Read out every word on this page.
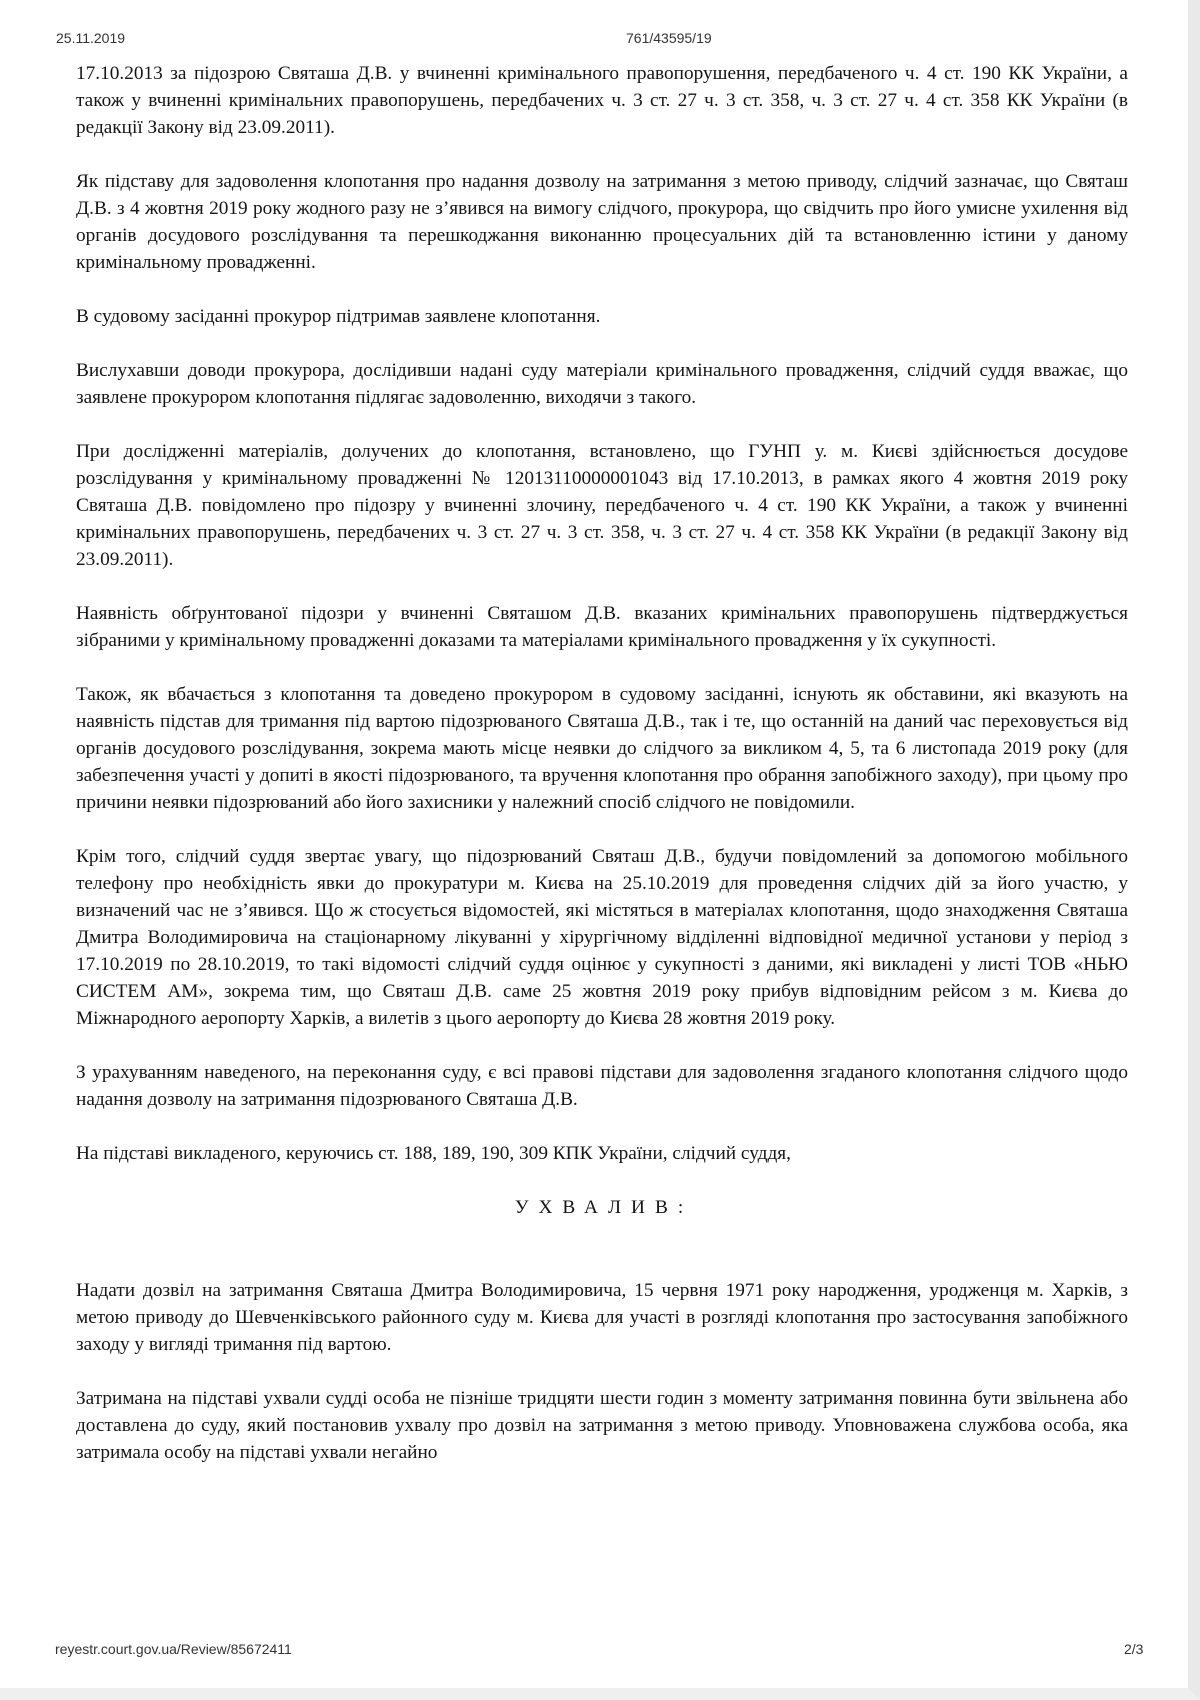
25.11.2019	761/43595/19

17.10.2013 за підозрою Святаша Д.В. у вчиненні кримінального правопорушення, передбаченого ч. 4 ст. 190 КК України, а також у вчиненні кримінальних правопорушень, передбачених ч. 3 ст. 27 ч. 3 ст. 358, ч. 3 ст. 27 ч. 4 ст. 358 КК України (в редакції Закону від 23.09.2011).

Як підставу для задоволення клопотання про надання дозволу на затримання з метою приводу, слідчий зазначає, що Святаш Д.В. з 4 жовтня 2019 року жодного разу не з’явився на вимогу слідчого, прокурора, що свідчить про його умисне ухилення від органів досудового розслідування та перешкоджання виконанню процесуальних дій та встановленню істини у даному кримінальному провадженні.

В судовому засіданні прокурор підтримав заявлене клопотання.

Вислухавши доводи прокурора, дослідивши надані суду матеріали кримінального провадження, слідчий суддя вважає, що заявлене прокурором клопотання підлягає задоволенню, виходячи з такого.

При дослідженні матеріалів, долучених до клопотання, встановлено, що ГУНП у. м. Києві здійснюється досудове розслідування у кримінальному провадженні № 12013110000001043 від 17.10.2013, в рамках якого 4 жовтня 2019 року Святаша Д.В. повідомлено про підозру у вчиненні злочину, передбаченого ч. 4 ст. 190 КК України, а також у вчиненні кримінальних правопорушень, передбачених ч. 3 ст. 27 ч. 3 ст. 358, ч. 3 ст. 27 ч. 4 ст. 358 КК України (в редакції Закону від 23.09.2011).

Наявність обґрунтованої підозри у вчиненні Святашом Д.В. вказаних кримінальних правопорушень підтверджується зібраними у кримінальному провадженні доказами та матеріалами кримінального провадження у їх сукупності.

Також, як вбачається з клопотання та доведено прокурором в судовому засіданні, існують як обставини, які вказують на наявність підстав для тримання під вартою підозрюваного Святаша Д.В., так і те, що останній на даний час переховується від органів досудового розслідування, зокрема мають місце неявки до слідчого за викликом 4, 5, та 6 листопада 2019 року (для забезпечення участі у допиті в якості підозрюваного, та вручення клопотання про обрання запобіжного заходу), при цьому про причини неявки підозрюваний або його захисники у належний спосіб слідчого не повідомили.

Крім того, слідчий суддя звертає увагу, що підозрюваний Святаш Д.В., будучи повідомлений за допомогою мобільного телефону про необхідність явки до прокуратури м. Києва на 25.10.2019 для проведення слідчих дій за його участю, у визначений час не з’явився. Що ж стосується відомостей, які містяться в матеріалах клопотання, щодо знаходження Святаша Дмитра Володимировича на стаціонарному лікуванні у хірургічному відділенні відповідної медичної установи у період з 17.10.2019 по 28.10.2019, то такі відомості слідчий суддя оцінює у сукупності з даними, які викладені у листі ТОВ «НЬЮ СИСТЕМ АМ», зокрема тим, що Святаш Д.В. саме 25 жовтня 2019 року прибув відповідним рейсом з м. Києва до Міжнародного аеропорту Харків, а вилетів з цього аеропорту до Києва 28 жовтня 2019 року.

З урахуванням наведеного, на переконання суду, є всі правові підстави для задоволення згаданого клопотання слідчого щодо надання дозволу на затримання підозрюваного Святаша Д.В.

На підставі викладеного, керуючись ст. 188, 189, 190, 309 КПК України, слідчий суддя,

УХВАЛИВ:

Надати дозвіл на затримання Святаша Дмитра Володимировича, 15 червня 1971 року народження, уродженця м. Харків, з метою приводу до Шевченківського районного суду м. Києва для участі в розгляді клопотання про застосування запобіжного заходу у вигляді тримання під вартою.

Затримана на підставі ухвали судді особа не пізніше тридцяти шести годин з моменту затримання повинна бути звільнена або доставлена до суду, який постановив ухвалу про дозвіл на затримання з метою приводу. Уповноважена службова особа, яка затримала особу на підставі ухвали негайно

reyestr.court.gov.ua/Review/85672411	2/3
